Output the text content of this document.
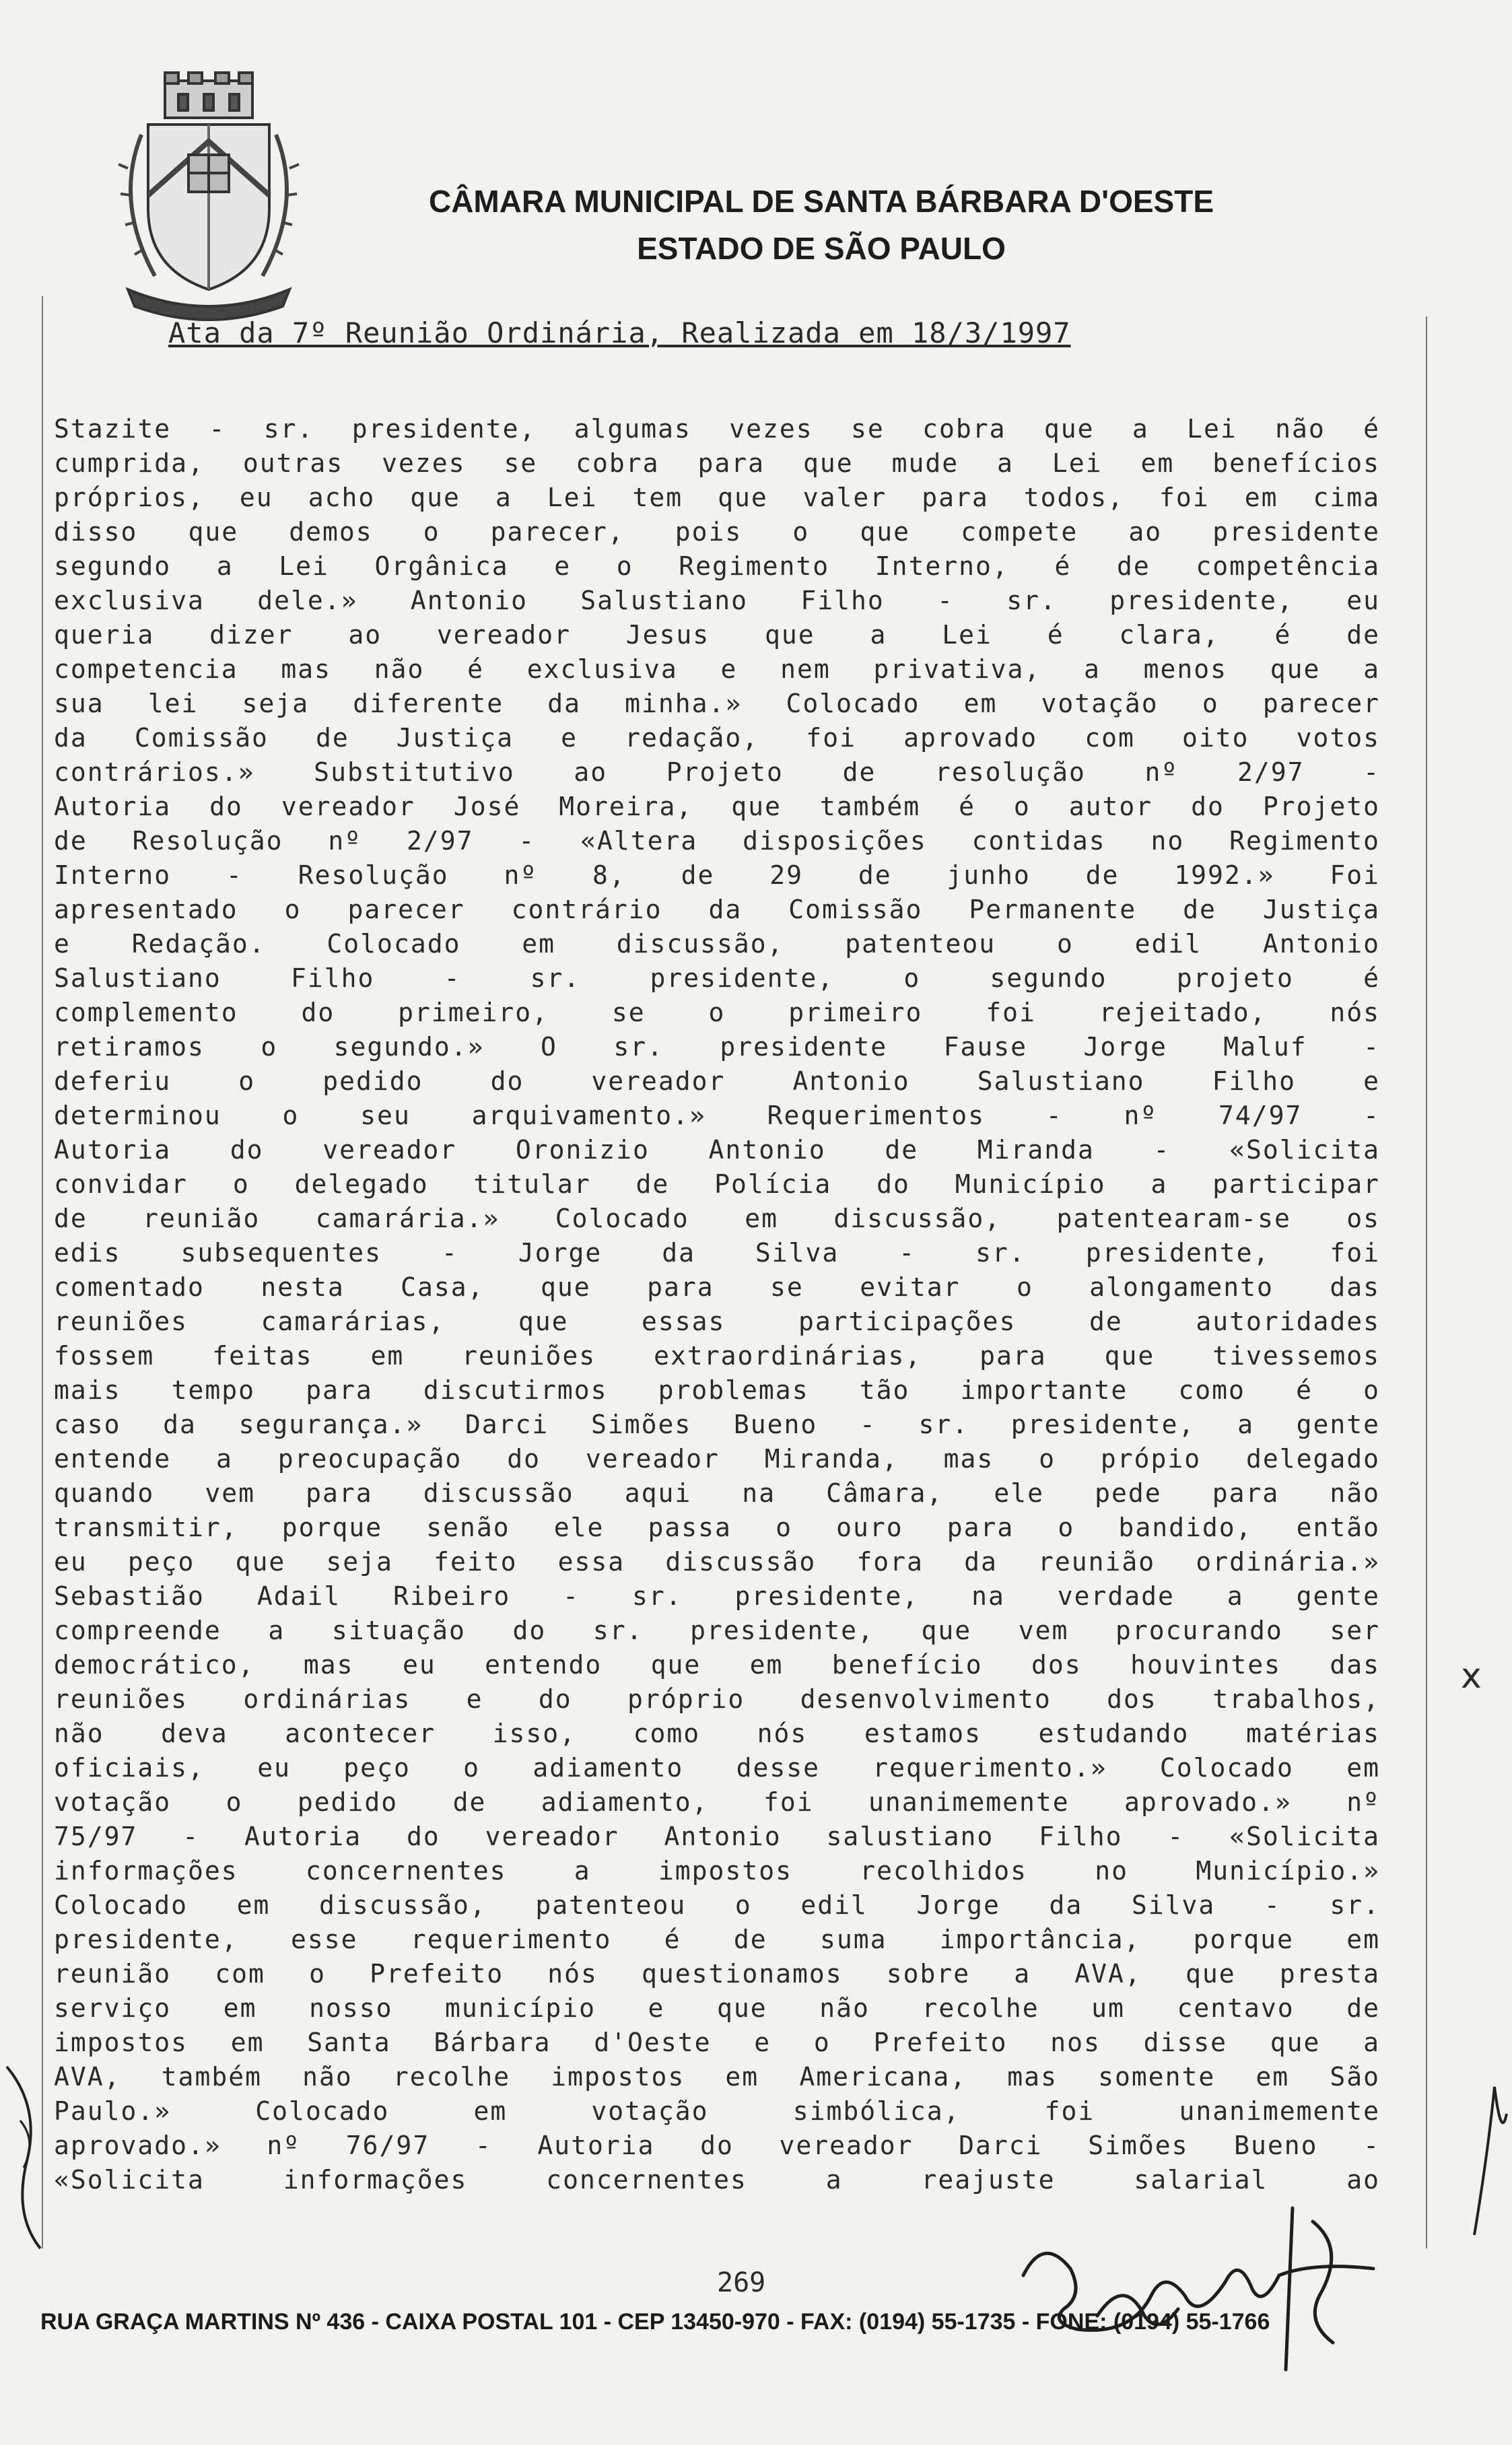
CÂMARA MUNICIPAL DE SANTA BÁRBARA D'OESTE
ESTADO DE SÃO PAULO
Ata da 7º Reunião Ordinária, Realizada em 18/3/1997
Stazite - sr. presidente, algumas vezes se cobra que a Lei não é
cumprida, outras vezes se cobra para que mude a Lei em benefícios
próprios, eu acho que a Lei tem que valer para todos, foi em cima
disso que demos o parecer, pois o que compete ao presidente
segundo a Lei Orgânica e o Regimento Interno, é de competência
exclusiva dele.» Antonio Salustiano Filho - sr. presidente, eu
queria dizer ao vereador Jesus que a Lei é clara, é de
competencia mas não é exclusiva e nem privativa, a menos que a
sua lei seja diferente da minha.» Colocado em votação o parecer
da Comissão de Justiça e redação, foi aprovado com oito votos
contrários.» Substitutivo ao Projeto de resolução nº 2/97 -
Autoria do vereador José Moreira, que também é o autor do Projeto
de Resolução nº 2/97 - «Altera disposições contidas no Regimento
Interno - Resolução nº 8, de 29 de junho de 1992.» Foi
apresentado o parecer contrário da Comissão Permanente de Justiça
e Redação. Colocado em discussão, patenteou o edil Antonio
Salustiano Filho - sr. presidente, o segundo projeto é
complemento do primeiro, se o primeiro foi rejeitado, nós
retiramos o segundo.» O sr. presidente Fause Jorge Maluf -
deferiu o pedido do vereador Antonio Salustiano Filho e
determinou o seu arquivamento.» Requerimentos - nº 74/97 -
Autoria do vereador Oronizio Antonio de Miranda - «Solicita
convidar o delegado titular de Polícia do Município a participar
de reunião camarária.» Colocado em discussão, patentearam-se os
edis subsequentes - Jorge da Silva - sr. presidente, foi
comentado nesta Casa, que para se evitar o alongamento das
reuniões camarárias, que essas participações de autoridades
fossem feitas em reuniões extraordinárias, para que tivessemos
mais tempo para discutirmos problemas tão importante como é o
caso da segurança.» Darci Simões Bueno - sr. presidente, a gente
entende a preocupação do vereador Miranda, mas o própio delegado
quando vem para discussão aqui na Câmara, ele pede para não
transmitir, porque senão ele passa o ouro para o bandido, então
eu peço que seja feito essa discussão fora da reunião ordinária.»
Sebastião Adail Ribeiro - sr. presidente, na verdade a gente
compreende a situação do sr. presidente, que vem procurando ser
democrático, mas eu entendo que em benefício dos houvintes das
reuniões ordinárias e do próprio desenvolvimento dos trabalhos,
não deva acontecer isso, como nós estamos estudando matérias
oficiais, eu peço o adiamento desse requerimento.» Colocado em
votação o pedido de adiamento, foi unanimemente aprovado.» nº
75/97 - Autoria do vereador Antonio salustiano Filho - «Solicita
informações concernentes a impostos recolhidos no Município.»
Colocado em discussão, patenteou o edil Jorge da Silva - sr.
presidente, esse requerimento é de suma importância, porque em
reunião com o Prefeito nós questionamos sobre a AVA, que presta
serviço em nosso município e que não recolhe um centavo de
impostos em Santa Bárbara d'Oeste e o Prefeito nos disse que a
AVA, também não recolhe impostos em Americana, mas somente em São
Paulo.» Colocado em votação simbólica, foi unanimemente
aprovado.» nº 76/97 - Autoria do vereador Darci Simões Bueno -
«Solicita informações concernentes a reajuste salarial ao
x
269
RUA GRAÇA MARTINS Nº 436 - CAIXA POSTAL 101 - CEP 13450-970 - FAX: (0194) 55-1735 - FONE: (0194) 55-1766
